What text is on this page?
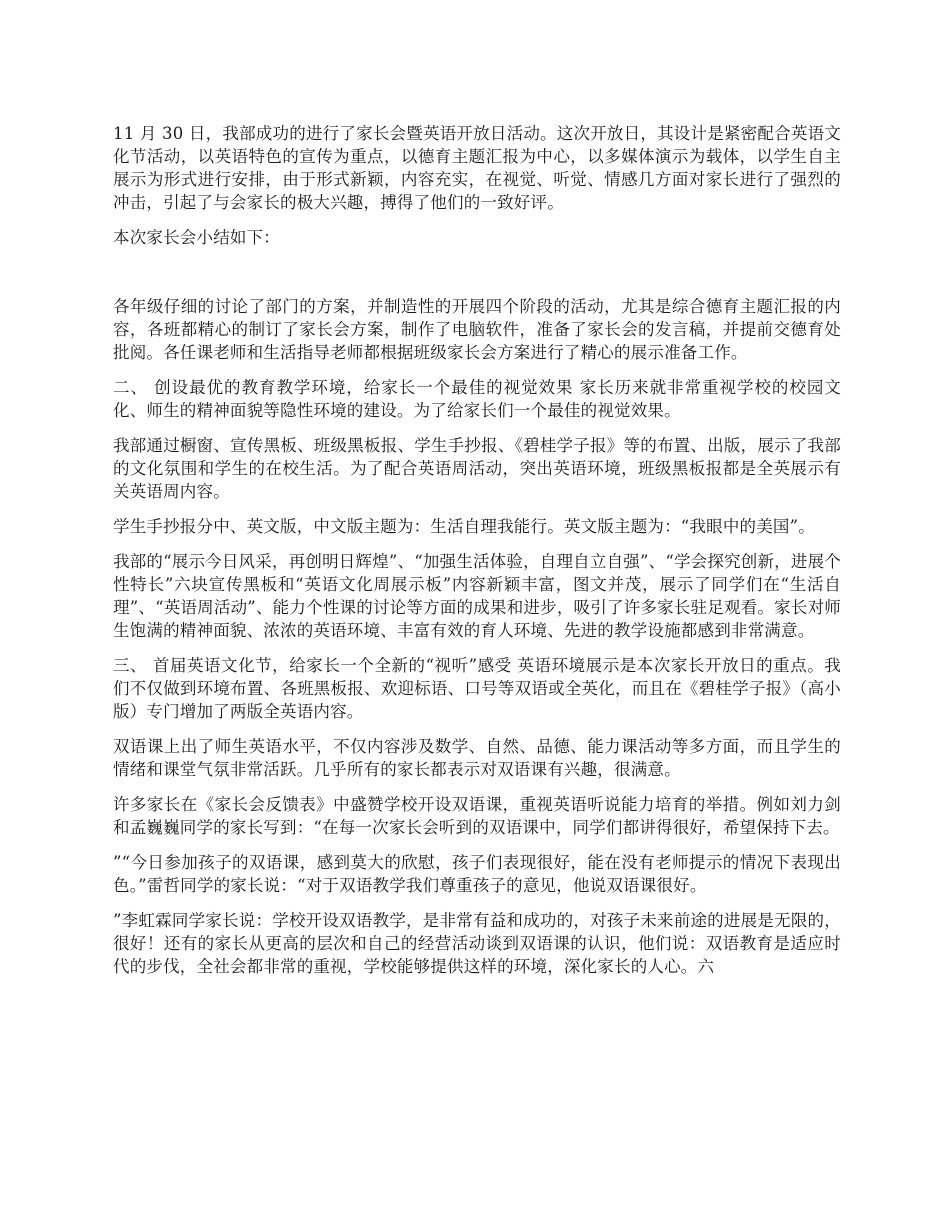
11 月 30 日，我部成功的进行了家长会暨英语开放日活动。这次开放日，其设计是紧密配合英语文化节活动，以英语特色的宣传为重点，以德育主题汇报为中心，以多媒体演示为载体，以学生自主展示为形式进行安排，由于形式新颖，内容充实，在视觉、听觉、情感几方面对家长进行了强烈的冲击，引起了与会家长的极大兴趣，搏得了他们的一致好评。

本次家长会小结如下：

各年级仔细的讨论了部门的方案，并制造性的开展四个阶段的活动，尤其是综合德育主题汇报的内容，各班都精心的制订了家长会方案，制作了电脑软件，准备了家长会的发言稿，并提前交德育处批阅。各任课老师和生活指导老师都根据班级家长会方案进行了精心的展示准备工作。

二、 创设最优的教育教学环境，给家长一个最佳的视觉效果 家长历来就非常重视学校的校园文化、师生的精神面貌等隐性环境的建设。为了给家长们一个最佳的视觉效果。

我部通过橱窗、宣传黑板、班级黑板报、学生手抄报、《碧桂学子报》等的布置、出版，展示了我部的文化氛围和学生的在校生活。为了配合英语周活动，突出英语环境，班级黑板报都是全英展示有关英语周内容。

学生手抄报分中、英文版，中文版主题为：生活自理我能行。英文版主题为：“我眼中的美国”。

我部的“展示今日风采，再创明日辉煌”、“加强生活体验，自理自立自强”、“学会探究创新，进展个性特长”六块宣传黑板和“英语文化周展示板”内容新颖丰富，图文并茂，展示了同学们在“生活自理”、“英语周活动”、能力个性课的讨论等方面的成果和进步，吸引了许多家长驻足观看。家长对师生饱满的精神面貌、浓浓的英语环境、丰富有效的育人环境、先进的教学设施都感到非常满意。

三、 首届英语文化节，给家长一个全新的“视听”感受 英语环境展示是本次家长开放日的重点。我们不仅做到环境布置、各班黑板报、欢迎标语、口号等双语或全英化，而且在《碧桂学子报》（高小版）专门增加了两版全英语内容。

双语课上出了师生英语水平，不仅内容涉及数学、自然、品德、能力课活动等多方面，而且学生的情绪和课堂气氛非常活跃。几乎所有的家长都表示对双语课有兴趣，很满意。

许多家长在《家长会反馈表》中盛赞学校开设双语课，重视英语听说能力培育的举措。例如刘力剑和孟巍巍同学的家长写到：“在每一次家长会听到的双语课中，同学们都讲得很好，希望保持下去。

”“今日参加孩子的双语课，感到莫大的欣慰，孩子们表现很好，能在没有老师提示的情况下表现出色。”雷哲同学的家长说：“对于双语教学我们尊重孩子的意见，他说双语课很好。

”李虹霖同学家长说：学校开设双语教学，是非常有益和成功的，对孩子未来前途的进展是无限的，很好！还有的家长从更高的层次和自己的经营活动谈到双语课的认识，他们说：双语教育是适应时代的步伐，全社会都非常的重视，学校能够提供这样的环境，深化家长的人心。六
